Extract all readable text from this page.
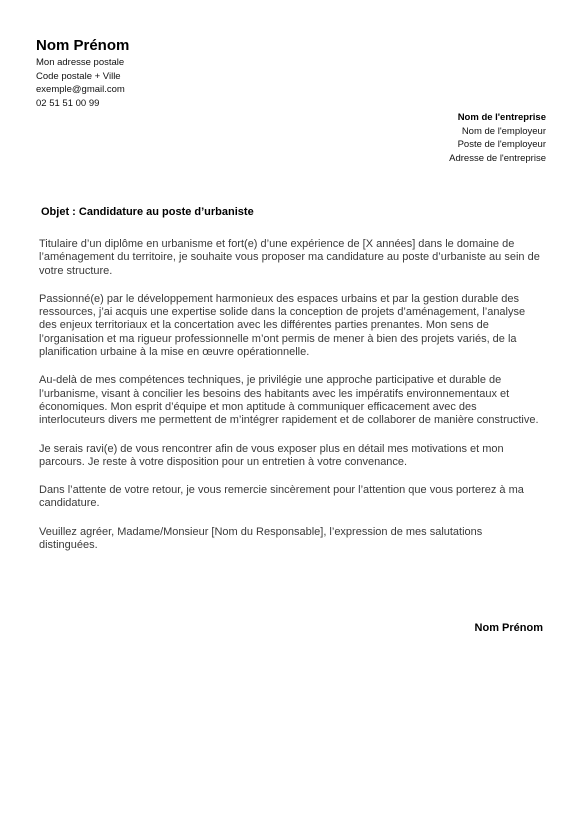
Nom Prénom
Mon adresse postale
Code postale + Ville
exemple@gmail.com
02 51 51 00 99
Nom de l'entreprise
Nom de l'employeur
Poste de l'employeur
Adresse de l'entreprise
Objet : Candidature au poste d’urbaniste

Titulaire d’un diplôme en urbanisme et fort(e) d’une expérience de [X années] dans le domaine de l’aménagement du territoire, je souhaite vous proposer ma candidature au poste d’urbaniste au sein de votre structure.

Passionné(e) par le développement harmonieux des espaces urbains et par la gestion durable des ressources, j’ai acquis une expertise solide dans la conception de projets d’aménagement, l’analyse des enjeux territoriaux et la concertation avec les différentes parties prenantes. Mon sens de l’organisation et ma rigueur professionnelle m’ont permis de mener à bien des projets variés, de la planification urbaine à la mise en œuvre opérationnelle.

Au-delà de mes compétences techniques, je privilégie une approche participative et durable de l’urbanisme, visant à concilier les besoins des habitants avec les impératifs environnementaux et économiques. Mon esprit d’équipe et mon aptitude à communiquer efficacement avec des interlocuteurs divers me permettent de m’intégrer rapidement et de collaborer de manière constructive.

Je serais ravi(e) de vous rencontrer afin de vous exposer plus en détail mes motivations et mon parcours. Je reste à votre disposition pour un entretien à votre convenance.

Dans l’attente de votre retour, je vous remercie sincèrement pour l’attention que vous porterez à ma candidature.

Veuillez agréer, Madame/Monsieur [Nom du Responsable], l’expression de mes salutations distinguées.

Nom Prénom
